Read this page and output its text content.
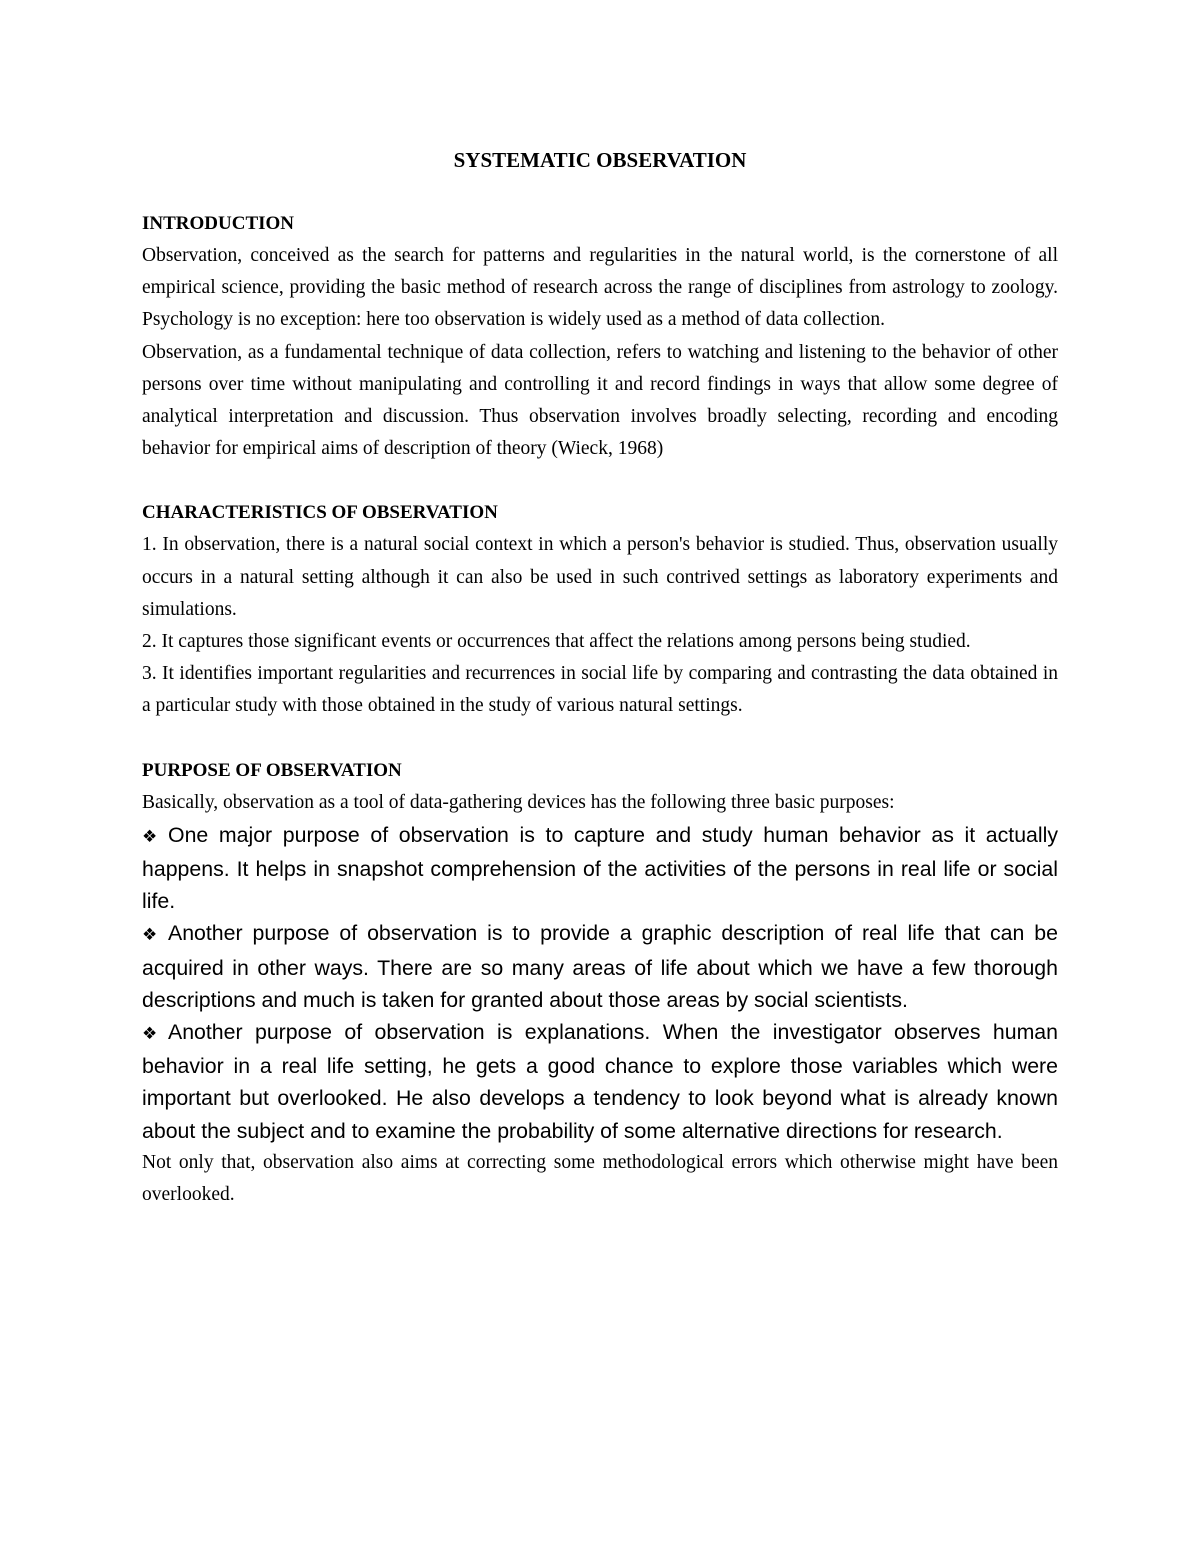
SYSTEMATIC OBSERVATION
INTRODUCTION

Observation, conceived as the search for patterns and regularities in the natural world, is the cornerstone of all empirical science, providing the basic method of research across the range of disciplines from astrology to zoology. Psychology is no exception: here too observation is widely used as a method of data collection.

Observation, as a fundamental technique of data collection, refers to watching and listening to the behavior of other persons over time without manipulating and controlling it and record findings in ways that allow some degree of analytical interpretation and discussion. Thus observation involves broadly selecting, recording and encoding behavior for empirical aims of description of theory (Wieck, 1968)

CHARACTERISTICS OF OBSERVATION

1. In observation, there is a natural social context in which a person's behavior is studied. Thus, observation usually occurs in a natural setting although it can also be used in such contrived settings as laboratory experiments and simulations.

2. It captures those significant events or occurrences that affect the relations among persons being studied.

3. It identifies important regularities and recurrences in social life by comparing and contrasting the data obtained in a particular study with those obtained in the study of various natural settings.

PURPOSE OF OBSERVATION

Basically, observation as a tool of data-gathering devices has the following three basic purposes:

❖ One major purpose of observation is to capture and study human behavior as it actually happens. It helps in snapshot comprehension of the activities of the persons in real life or social life.

❖ Another purpose of observation is to provide a graphic description of real life that can be acquired in other ways. There are so many areas of life about which we have a few thorough descriptions and much is taken for granted about those areas by social scientists.

❖ Another purpose of observation is explanations. When the investigator observes human behavior in a real life setting, he gets a good chance to explore those variables which were important but overlooked. He also develops a tendency to look beyond what is already known about the subject and to examine the probability of some alternative directions for research.

Not only that, observation also aims at correcting some methodological errors which otherwise might have been overlooked.
